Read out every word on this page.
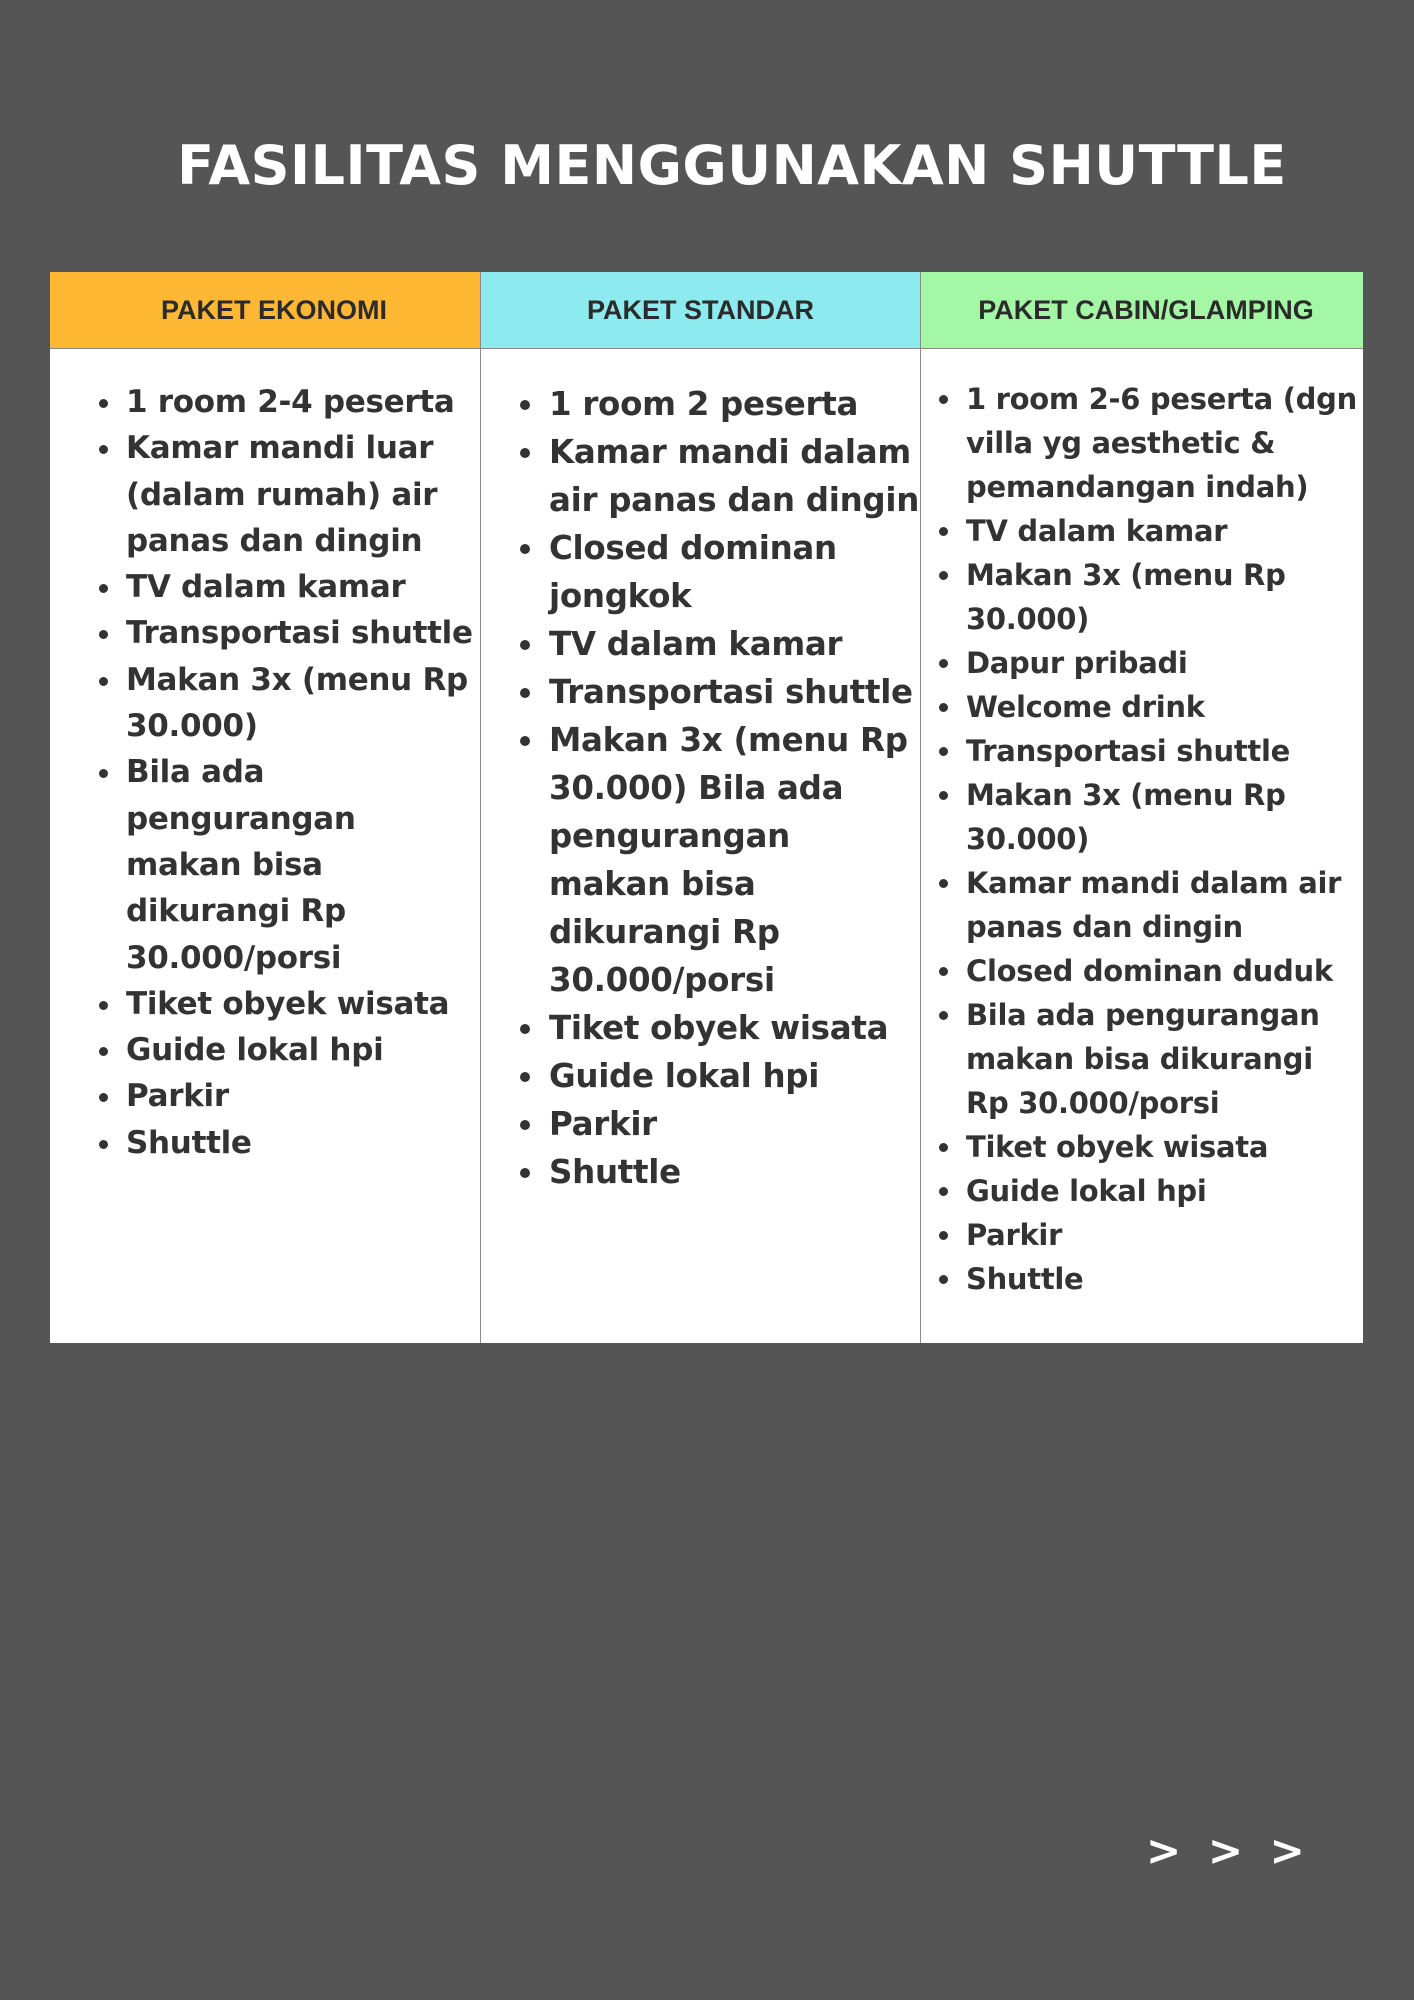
FASILITAS MENGGUNAKAN SHUTTLE
PAKET EKONOMI
• 1 room 2-4 peserta
• Kamar mandi luar (dalam rumah) air panas dan dingin
• TV dalam kamar
• Transportasi shuttle
• Makan 3x (menu Rp 30.000)
• Bila ada pengurangan makan bisa dikurangi Rp 30.000/porsi
• Tiket obyek wisata
• Guide lokal hpi
• Parkir
• Shuttle
PAKET STANDAR
• 1 room 2 peserta
• Kamar mandi dalam air panas dan dingin
• Closed dominan jongkok
• TV dalam kamar
• Transportasi shuttle
• Makan 3x (menu Rp 30.000) Bila ada pengurangan makan bisa dikurangi Rp 30.000/porsi
• Tiket obyek wisata
• Guide lokal hpi
• Parkir
• Shuttle
PAKET CABIN/GLAMPING
• 1 room 2-6 peserta (dgn villa yg aesthetic & pemandangan indah)
• TV dalam kamar
• Makan 3x (menu Rp 30.000)
• Dapur pribadi
• Welcome drink
• Transportasi shuttle
• Makan 3x (menu Rp 30.000)
• Kamar mandi dalam air panas dan dingin
• Closed dominan duduk
• Bila ada pengurangan makan bisa dikurangi Rp 30.000/porsi
• Tiket obyek wisata
• Guide lokal hpi
• Parkir
• Shuttle
> > >
